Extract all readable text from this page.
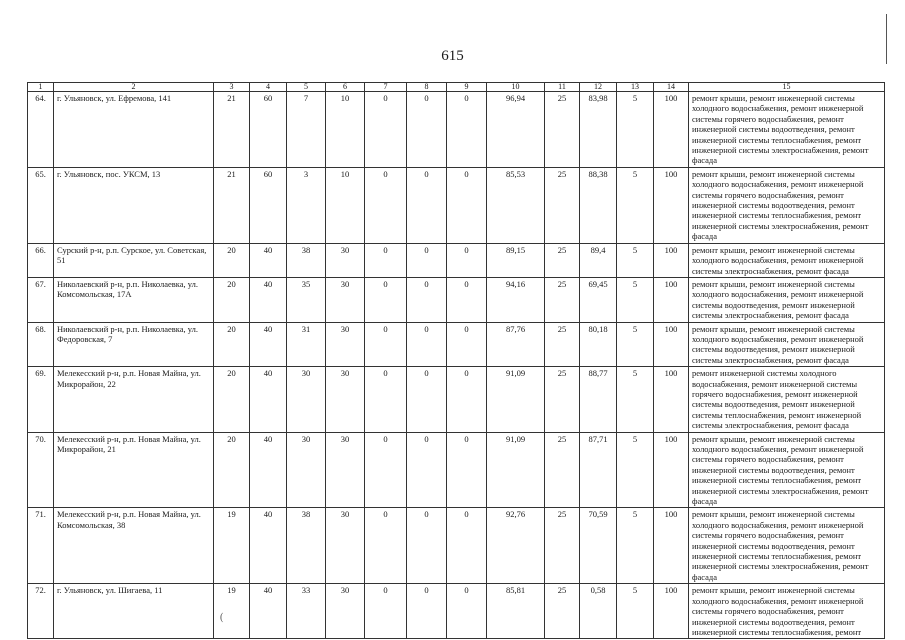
615
1	2	3	4	5	6	7	8	9	10	11	12	13	14	15
64.	г. Ульяновск, ул. Ефремова, 141	21	60	7	10	0	0	0	96,94	25	83,98	5	100	ремонт крыши, ремонт инженерной системы холодного водоснабжения, ремонт инженерной системы горячего водоснабжения, ремонт инженерной системы водоотведения, ремонт инженерной системы теплоснабжения, ремонт инженерной системы электроснабжения, ремонт фасада
65.	г. Ульяновск, пос. УКСМ, 13	21	60	3	10	0	0	0	85,53	25	88,38	5	100	ремонт крыши, ремонт инженерной системы холодного водоснабжения, ремонт инженерной системы горячего водоснабжения, ремонт инженерной системы водоотведения, ремонт инженерной системы теплоснабжения, ремонт инженерной системы электроснабжения, ремонт фасада
66.	Сурский р-н, р.п. Сурское, ул. Советская, 51	20	40	38	30	0	0	0	89,15	25	89,4	5	100	ремонт крыши, ремонт инженерной системы холодного водоснабжения, ремонт инженерной системы электроснабжения, ремонт фасада
67.	Николаевский р-н, р.п. Николаевка, ул. Комсомольская, 17А	20	40	35	30	0	0	0	94,16	25	69,45	5	100	ремонт крыши, ремонт инженерной системы холодного водоснабжения, ремонт инженерной системы водоотведения, ремонт инженерной системы электроснабжения, ремонт фасада
68.	Николаевский р-н, р.п. Николаевка, ул. Федоровская, 7	20	40	31	30	0	0	0	87,76	25	80,18	5	100	ремонт крыши, ремонт инженерной системы холодного водоснабжения, ремонт инженерной системы водоотведения, ремонт инженерной системы электроснабжения, ремонт фасада
69.	Мелекесский р-н, р.п. Новая Майна, ул. Микрорайон, 22	20	40	30	30	0	0	0	91,09	25	88,77	5	100	ремонт инженерной системы холодного водоснабжения, ремонт инженерной системы горячего водоснабжения, ремонт инженерной системы водоотведения, ремонт инженерной системы теплоснабжения, ремонт инженерной системы электроснабжения, ремонт фасада
70.	Мелекесский р-н, р.п. Новая Майна, ул. Микрорайон, 21	20	40	30	30	0	0	0	91,09	25	87,71	5	100	ремонт крыши, ремонт инженерной системы холодного водоснабжения, ремонт инженерной системы горячего водоснабжения, ремонт инженерной системы водоотведения, ремонт инженерной системы теплоснабжения, ремонт инженерной системы электроснабжения, ремонт фасада
71.	Мелекесский р-н, р.п. Новая Майна, ул. Комсомольская, 38	19	40	38	30	0	0	0	92,76	25	70,59	5	100	ремонт крыши, ремонт инженерной системы холодного водоснабжения, ремонт инженерной системы горячего водоснабжения, ремонт инженерной системы водоотведения, ремонт инженерной системы теплоснабжения, ремонт инженерной системы электроснабжения, ремонт фасада
72.	г. Ульяновск, ул. Шигаева, 11	19	40	33	30	0	0	0	85,81	25	0,58	5	100	ремонт крыши, ремонт инженерной системы холодного водоснабжения, ремонт инженерной системы горячего водоснабжения, ремонт инженерной системы водоотведения, ремонт инженерной системы теплоснабжения, ремонт
(
